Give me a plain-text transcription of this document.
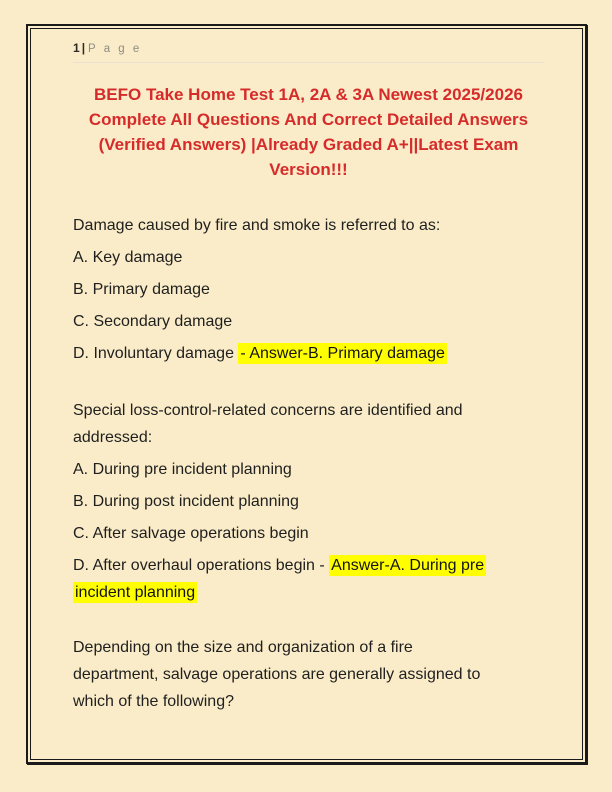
1 | P a g e
BEFO Take Home Test 1A, 2A & 3A Newest 2025/2026
Complete All Questions And Correct Detailed Answers
(Verified Answers) |Already Graded A+||Latest Exam
Version!!!
Damage caused by fire and smoke is referred to as:
A. Key damage
B. Primary damage
C. Secondary damage
D. Involuntary damage - Answer-B. Primary damage
Special loss-control-related concerns are identified and
addressed:
A. During pre incident planning
B. During post incident planning
C. After salvage operations begin
D. After overhaul operations begin - Answer-A. During pre
incident planning
Depending on the size and organization of a fire
department, salvage operations are generally assigned to
which of the following?
